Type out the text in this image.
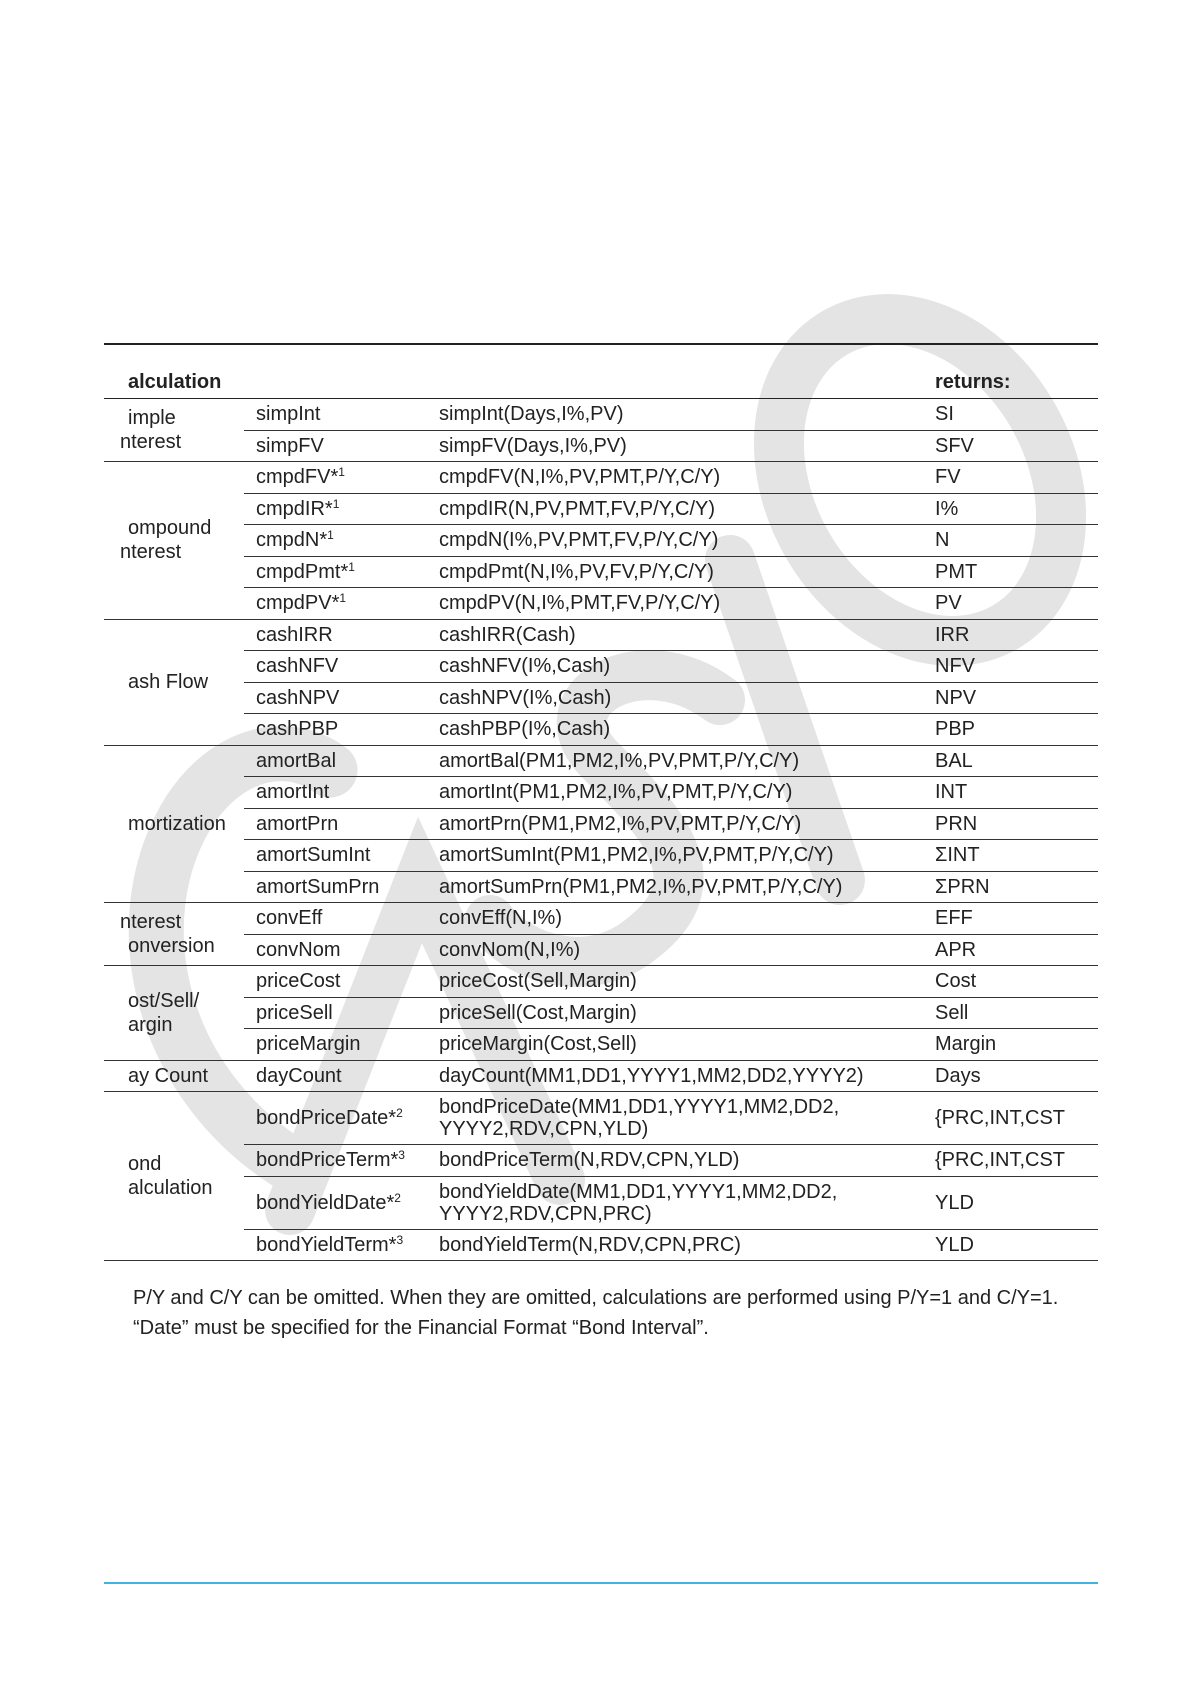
alculation			returns:

imple
nterest	simpInt	simpInt(Days,I%,PV)	SI
	simpFV	simpFV(Days,I%,PV)	SFV

ompound
nterest	cmpdFV*$^1$	cmpdFV(N,I%,PV,PMT,P/Y,C/Y)	FV
	cmpdIR*$^1$	cmpdIR(N,PV,PMT,FV,P/Y,C/Y)	I%
	cmpdN*$^1$	cmpdN(I%,PV,PMT,FV,P/Y,C/Y)	N
	cmpdPmt*$^1$	cmpdPmt(N,I%,PV,FV,P/Y,C/Y)	PMT
	cmpdPV*$^1$	cmpdPV(N,I%,PMT,FV,P/Y,C/Y)	PV

ash Flow	cashIRR	cashIRR(Cash)	IRR
	cashNFV	cashNFV(I%,Cash)	NFV
	cashNPV	cashNPV(I%,Cash)	NPV
	cashPBP	cashPBP(I%,Cash)	PBP

mortization	amortBal	amortBal(PM1,PM2,I%,PV,PMT,P/Y,C/Y)	BAL
	amortInt	amortInt(PM1,PM2,I%,PV,PMT,P/Y,C/Y)	INT
	amortPrn	amortPrn(PM1,PM2,I%,PV,PMT,P/Y,C/Y)	PRN
	amortSumInt	amortSumInt(PM1,PM2,I%,PV,PMT,P/Y,C/Y)	ΣINT
	amortSumPrn	amortSumPrn(PM1,PM2,I%,PV,PMT,P/Y,C/Y)	ΣPRN

nterest
onversion	convEff	convEff(N,I%)	EFF
	convNom	convNom(N,I%)	APR

ost/Sell/
argin	priceCost	priceCost(Sell,Margin)	Cost
	priceSell	priceSell(Cost,Margin)	Sell
	priceMargin	priceMargin(Cost,Sell)	Margin

ay Count	dayCount	dayCount(MM1,DD1,YYYY1,MM2,DD2,YYYY2)	Days

ond
alculation	bondPriceDate*$^2$	bondPriceDate(MM1,DD1,YYYY1,MM2,DD2,
YYYY2,RDV,CPN,YLD)	{PRC,INT,CST
	bondPriceTerm*$^3$	bondPriceTerm(N,RDV,CPN,YLD)	{PRC,INT,CST
	bondYieldDate*$^2$	bondYieldDate(MM1,DD1,YYYY1,MM2,DD2,
YYYY2,RDV,CPN,PRC)	YLD
	bondYieldTerm*$^3$	bondYieldTerm(N,RDV,CPN,PRC)	YLD

P/Y and C/Y can be omitted. When they are omitted, calculations are performed using P/Y=1 and C/Y=1.

“Date” must be specified for the Financial Format “Bond Interval”.
